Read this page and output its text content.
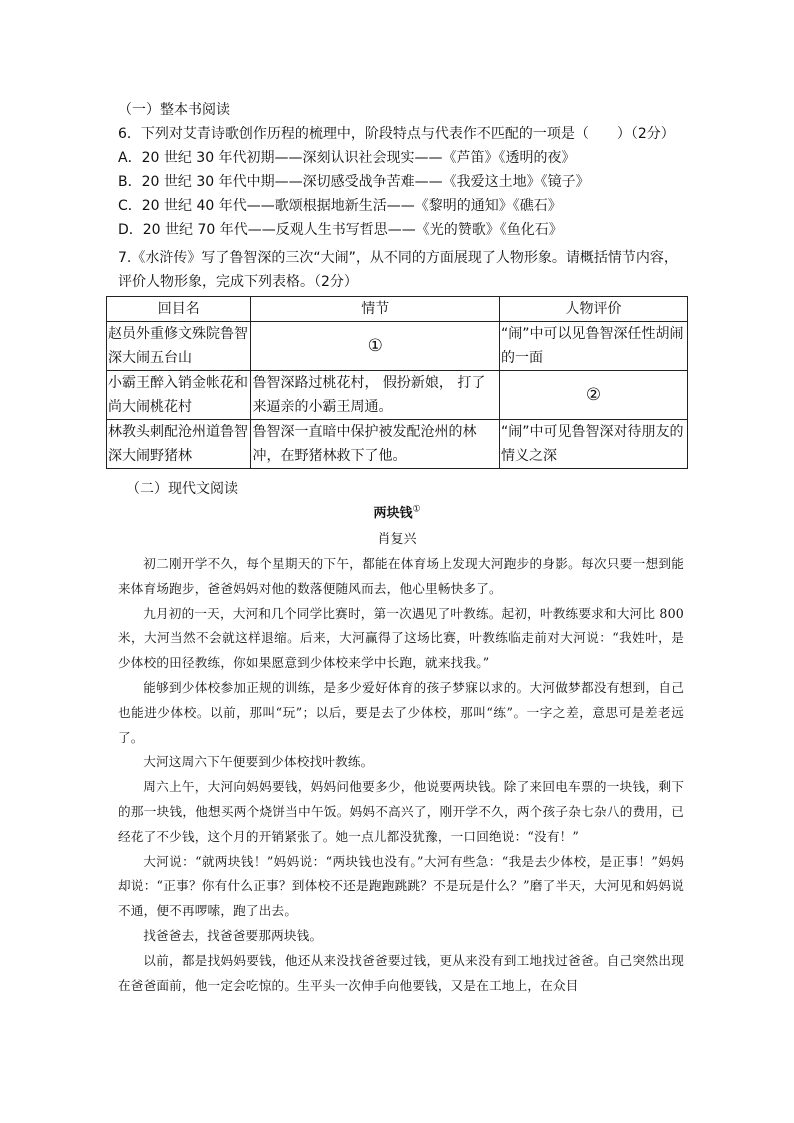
（一）整本书阅读
6．下列对艾青诗歌创作历程的梳理中，阶段特点与代表作不匹配的一项是（　　）（2分）
A．20 世纪 30 年代初期——深刻认识社会现实——《芦笛》《透明的夜》
B．20 世纪 30 年代中期——深切感受战争苦难——《我爱这土地》《镜子》
C．20 世纪 40 年代——歌颂根据地新生活——《黎明的通知》《礁石》
D．20 世纪 70 年代——反观人生书写哲思——《光的赞歌》《鱼化石》
7.《水浒传》写了鲁智深的三次“大闹”，从不同的方面展现了人物形象。请概括情节内容，
评价人物形象，完成下列表格。（2分）
回目名	情节	人物评价
赵员外重修文殊院鲁智深大闹五台山	①	“闹”中可以见鲁智深任性胡闹的一面
小霸王醉入销金帐花和尚大闹桃花村	鲁智深路过桃花村， 假扮新娘， 打了来逼亲的小霸王周通。	②
林教头刺配沧州道鲁智深大闹野猪林	鲁智深一直暗中保护被发配沧州的林冲，在野猪林救下了他。	“闹”中可见鲁智深对待朋友的情义之深
（二）现代文阅读
两块钱①
肖复兴

初二刚开学不久，每个星期天的下午，都能在体育场上发现大河跑步的身影。每次只要一想到能来体育场跑步，爸爸妈妈对他的数落便随风而去，他心里畅快多了。

九月初的一天，大河和几个同学比赛时，第一次遇见了叶教练。起初，叶教练要求和大河比 800 米，大河当然不会就这样退缩。后来，大河赢得了这场比赛，叶教练临走前对大河说：“我姓叶，是少体校的田径教练，你如果愿意到少体校来学中长跑，就来找我。”

能够到少体校参加正规的训练，是多少爱好体育的孩子梦寐以求的。大河做梦都没有想到，自己也能进少体校。以前，那叫“玩”；以后，要是去了少体校，那叫“练”。一字之差，意思可是差老远了。

大河这周六下午便要到少体校找叶教练。

周六上午，大河向妈妈要钱，妈妈问他要多少，他说要两块钱。除了来回电车票的一块钱，剩下的那一块钱，他想买两个烧饼当中午饭。妈妈不高兴了，刚开学不久，两个孩子杂七杂八的费用，已经花了不少钱，这个月的开销紧张了。她一点儿都没犹豫，一口回绝说：“没有！”

大河说：“就两块钱！”妈妈说：“两块钱也没有。”大河有些急：“我是去少体校，是正事！”妈妈却说：“正事？你有什么正事？到体校不还是跑跑跳跳？不是玩是什么？”磨了半天，大河见和妈妈说不通，便不再啰嗦，跑了出去。

找爸爸去，找爸爸要那两块钱。

以前，都是找妈妈要钱，他还从来没找爸爸要过钱，更从来没有到工地找过爸爸。自己突然出现在爸爸面前，他一定会吃惊的。生平头一次伸手向他要钱，又是在工地上，在众目
